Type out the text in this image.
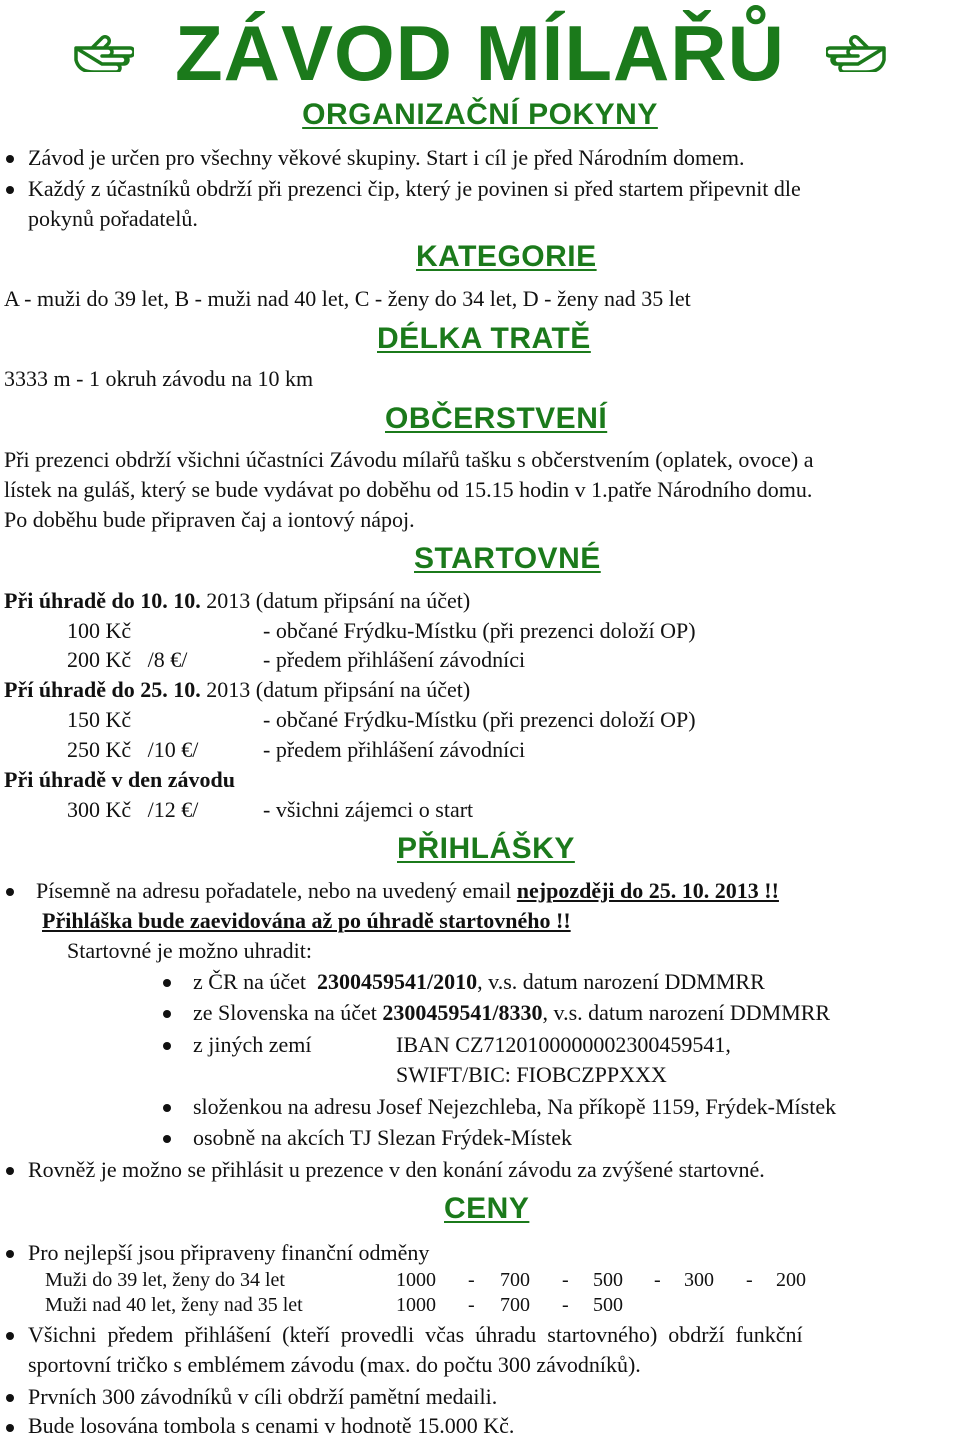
ZÁVOD MÍLAŘŮ
ORGANIZAČNÍ POKYNY
Závod je určen pro všechny věkové skupiny. Start i cíl je před Národním domem.
Každý z účastníků obdrží při prezenci čip, který je povinen si před startem připevnit dle
pokynů pořadatelů.
KATEGORIE
A - muži do 39 let, B - muži nad 40 let, C - ženy do 34 let, D - ženy nad 35 let
DÉLKA TRATĚ
3333 m - 1 okruh závodu na 10 km
OBČERSTVENÍ
Při prezenci obdrží všichni účastníci Závodu mílařů tašku s občerstvením (oplatek, ovoce) a
lístek na guláš, který se bude vydávat po doběhu od 15.15 hodin v 1.patře Národního domu.
Po doběhu bude připraven čaj a iontový nápoj.
STARTOVNÉ
Při úhradě do 10. 10. 2013 (datum připsání na účet)
100 Kč	- občané Frýdku-Místku (při prezenci doloží OP)
200 Kč   /8 €/	- předem přihlášení závodníci
Pří úhradě do 25. 10. 2013 (datum připsání na účet)
150 Kč	- občané Frýdku-Místku (při prezenci doloží OP)
250 Kč   /10 €/	- předem přihlášení závodníci
Při úhradě v den závodu
300 Kč   /12 €/	- všichni zájemci o start
PŘIHLÁŠKY
Písemně na adresu pořadatele, nebo na uvedený email nejpozději do 25. 10. 2013 !!
Přihláška bude zaevidována až po úhradě startovného !!
Startovné je možno uhradit:
z ČR na účet  2300459541/2010, v.s. datum narození DDMMRR
ze Slovenska na účet 2300459541/8330, v.s. datum narození DDMMRR
z jiných zemí	IBAN CZ7120100000002300459541,
SWIFT/BIC: FIOBCZPPXXX
složenkou na adresu Josef Nejezchleba, Na příkopě 1159, Frýdek-Místek
osobně na akcích TJ Slezan Frýdek-Místek
Rovněž je možno se přihlásit u prezence v den konání závodu za zvýšené startovné.
CENY
Pro nejlepší jsou připraveny finanční odměny
Muži do 39 let, ženy do 34 let	1000 - 700 - 500 - 300 - 200
Muži nad 40 let, ženy nad 35 let	1000 - 700 - 500
Všichni  předem  přihlášení  (kteří  provedli  včas  úhradu  startovného)  obdrží  funkční
sportovní tričko s emblémem závodu (max. do počtu 300 závodníků).
Prvních 300 závodníků v cíli obdrží pamětní medaili.
Bude losována tombola s cenami v hodnotě 15.000 Kč.
